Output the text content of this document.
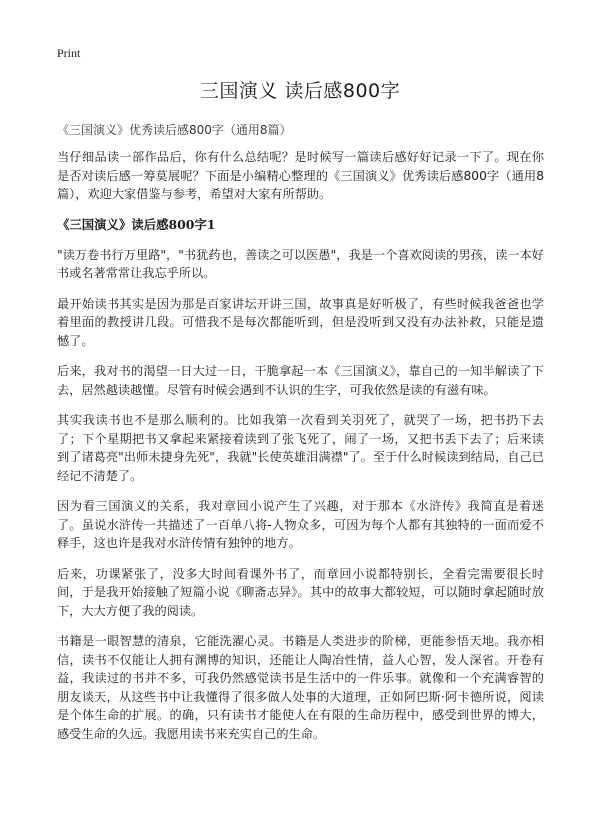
Print
三国演义 读后感800字

《三国演义》优秀读后感800字（通用8篇）

当仔细品读一部作品后，你有什么总结呢？是时候写一篇读后感好好记录一下了。现在你是否对读后感一筹莫展呢？下面是小编精心整理的《三国演义》优秀读后感800字（通用8篇），欢迎大家借鉴与参考，希望对大家有所帮助。

《三国演义》读后感800字1

"读万卷书行万里路"，"书犹药也，善读之可以医愚"，我是一个喜欢阅读的男孩，读一本好书或名著常常让我忘乎所以。

最开始读书其实是因为那是百家讲坛开讲三国，故事真是好听极了，有些时候我爸爸也学着里面的教授讲几段。可惜我不是每次都能听到，但是没听到又没有办法补救，只能是遗憾了。

后来，我对书的渴望一日大过一日，干脆拿起一本《三国演义》，靠自己的一知半解读了下去，居然越读越懂。尽管有时候会遇到不认识的生字，可我依然是读的有滋有味。

其实我读书也不是那么顺利的。比如我第一次看到关羽死了，就哭了一场，把书扔下去了；下个星期把书又拿起来紧接着读到了张飞死了，闹了一场，又把书丢下去了；后来读到了诸葛亮"出师未捷身先死"，我就"长使英雄泪满襟"了。至于什么时候读到结局，自己已经记不清楚了。

因为看三国演义的关系，我对章回小说产生了兴趣，对于那本《水浒传》我简直是着迷了。虽说水浒传一共描述了一百单八将-人物众多，可因为每个人都有其独特的一面而爱不释手，这也许是我对水浒传情有独钟的地方。

后来，功课紧张了，没多大时间看课外书了，而章回小说都特别长，全看完需要很长时间，于是我开始接触了短篇小说《聊斋志异》。其中的故事大都较短，可以随时拿起随时放下，大大方便了我的阅读。

书籍是一眼智慧的清泉，它能洗濯心灵。书籍是人类进步的阶梯，更能参悟天地。我亦相信，读书不仅能让人拥有渊博的知识，还能让人陶冶性情，益人心智，发人深省。开卷有益，我读过的书并不多，可我仍然感觉读书是生活中的一件乐事。就像和一个充满睿智的朋友谈天，从这些书中让我懂得了很多做人处事的大道理，正如阿巴斯·阿卡德所说，阅读是个体生命的扩展。的确，只有读书才能使人在有限的生命历程中，感受到世界的博大，感受生命的久远。我愿用读书来充实自己的生命。
